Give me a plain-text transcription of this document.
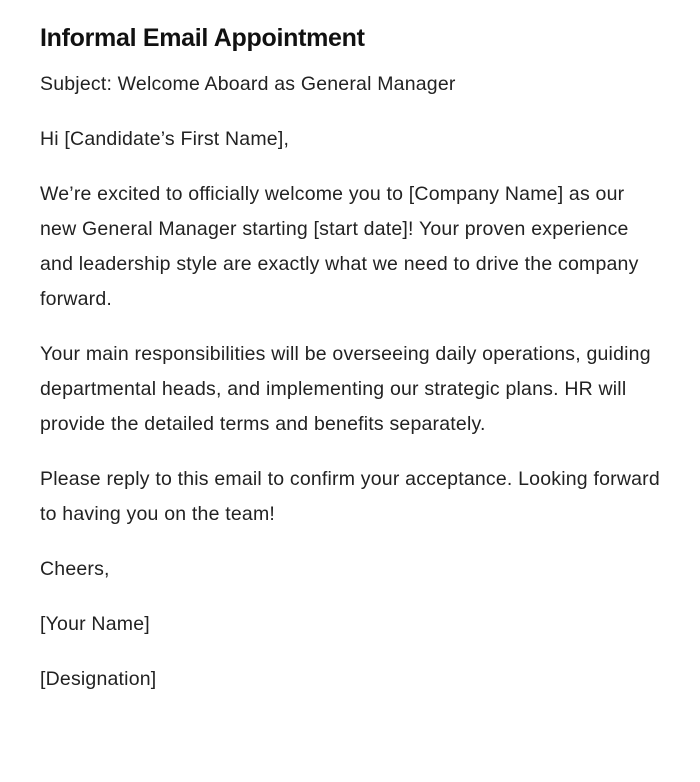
Informal Email Appointment

Subject: Welcome Aboard as General Manager

Hi [Candidate’s First Name],

We’re excited to officially welcome you to [Company Name] as our new General Manager starting [start date]! Your proven experience and leadership style are exactly what we need to drive the company forward.

Your main responsibilities will be overseeing daily operations, guiding departmental heads, and implementing our strategic plans. HR will provide the detailed terms and benefits separately.

Please reply to this email to confirm your acceptance. Looking forward to having you on the team!

Cheers,

[Your Name]

[Designation]
